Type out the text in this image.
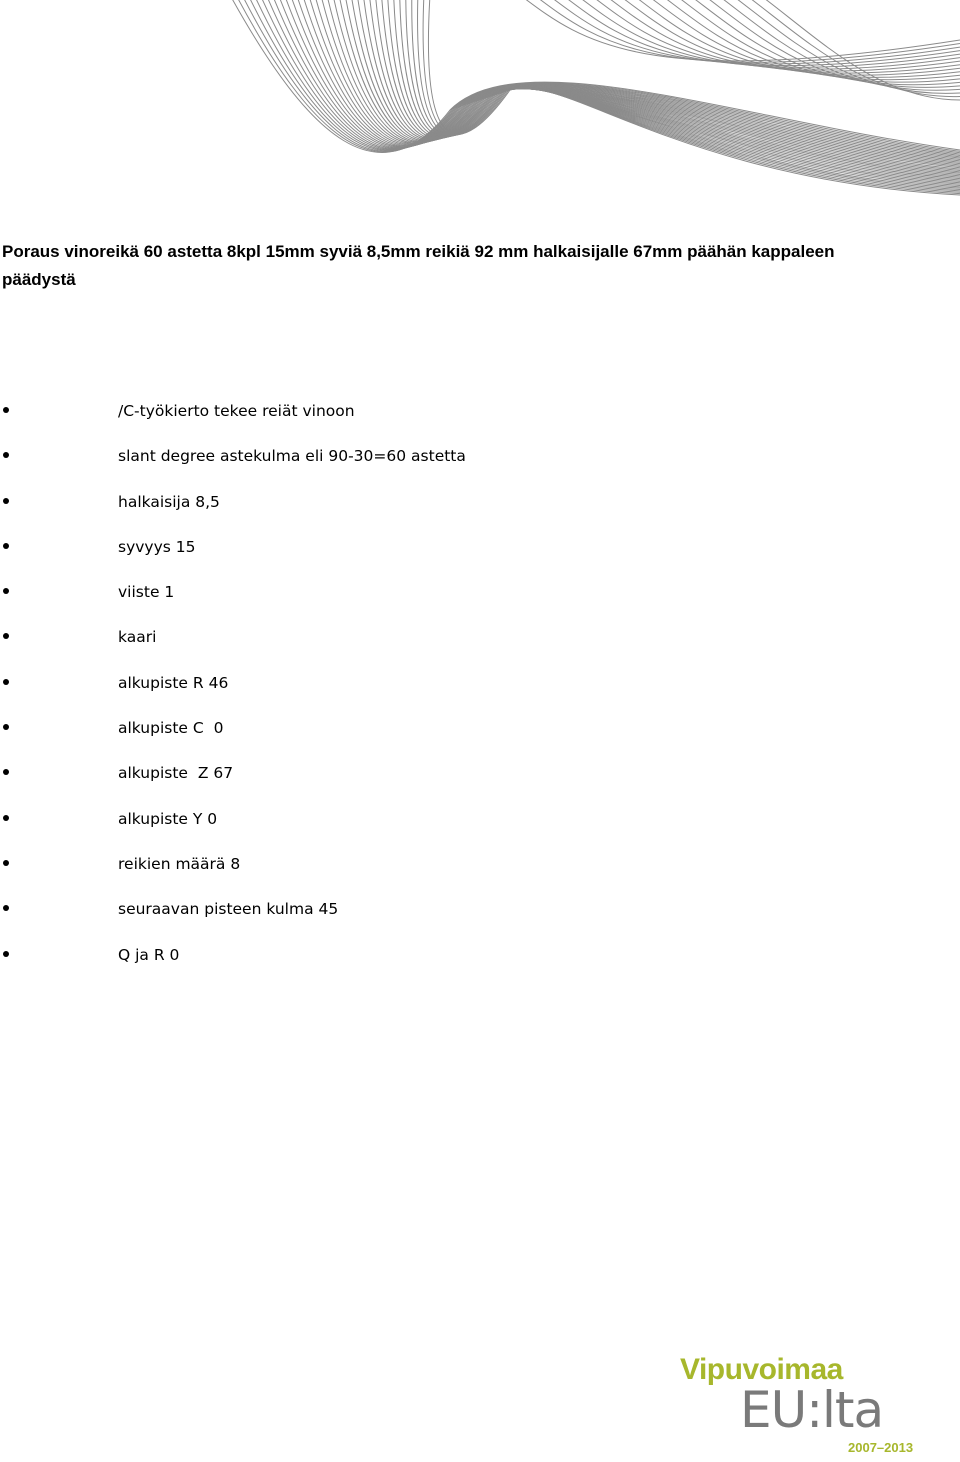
Poraus vinoreikä 60 astetta 8kpl 15mm syviä 8,5mm reikiä 92 mm halkaisijalle 67mm päähän kappaleen päädystä
/C-työkierto tekee reiät vinoon
slant degree astekulma eli 90-30=60 astetta
halkaisija 8,5
syvyys 15
viiste 1
kaari
alkupiste R 46
alkupiste C  0
alkupiste  Z 67
alkupiste Y 0
reikien määrä 8
seuraavan pisteen kulma 45
Q ja R 0
Vipuvoimaa
EU:lta
2007–2013
